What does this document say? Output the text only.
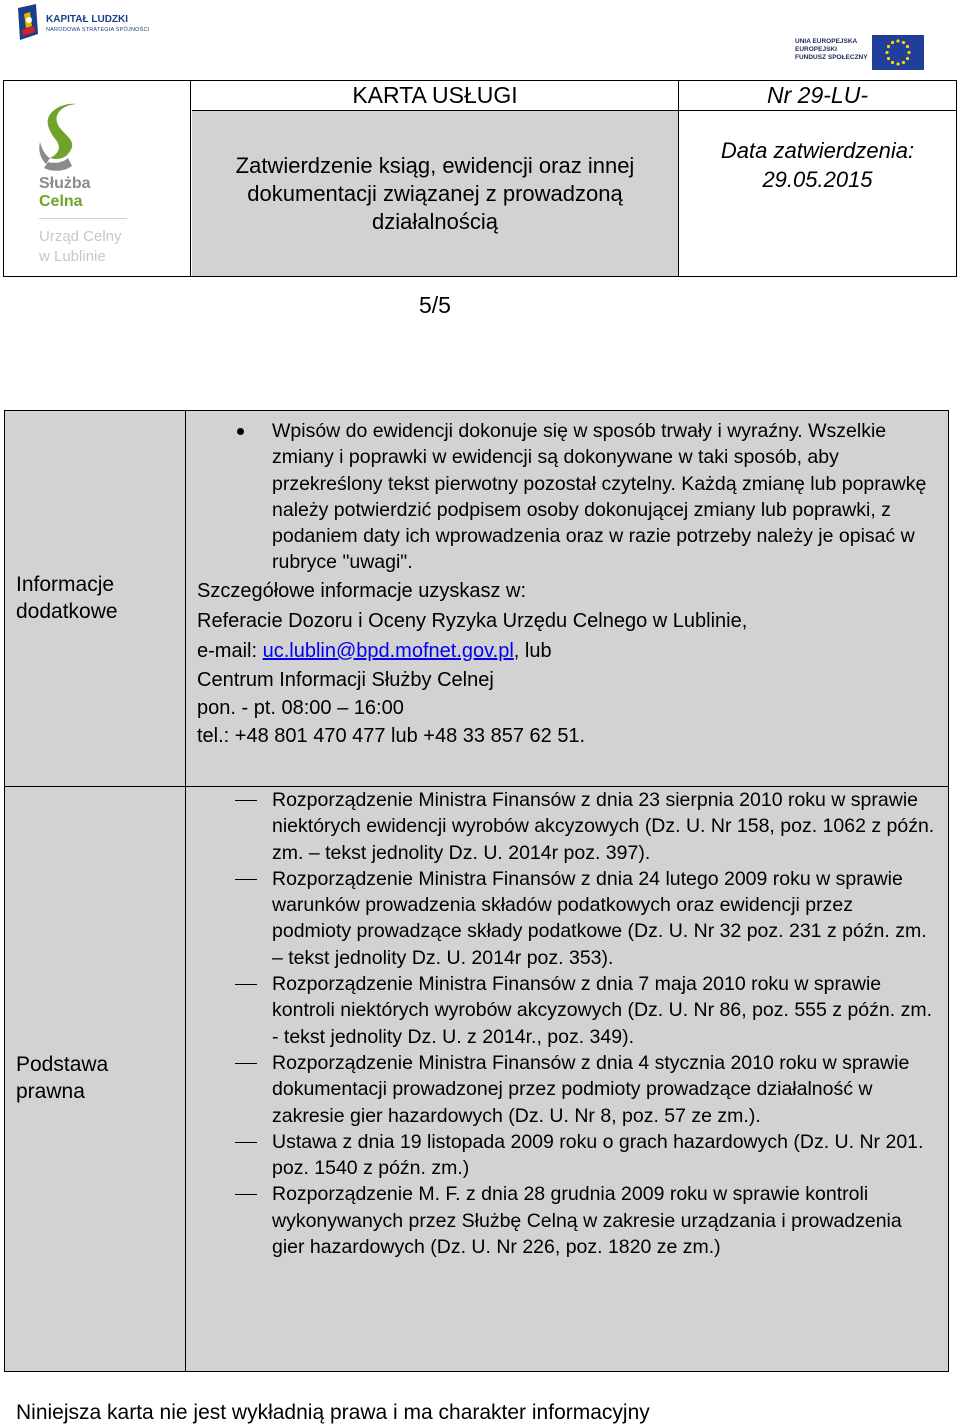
KAPITAŁ LUDZKI
NARODOWA STRATEGIA SPÓJNOŚCI
UNIA EUROPEJSKA
EUROPEJSKI
FUNDUSZ SPOŁECZNY
KARTA USŁUGI	Nr 29-LU-
Zatwierdzenie ksiąg, ewidencji oraz innej dokumentacji związanej z prowadzoną działalnością
Data zatwierdzenia:
29.05.2015
Służba
Celna
Urząd Celny
w Lublinie
5/5
Informacje
dodatkowe
Podstawa
prawna
Wpisów do ewidencji dokonuje się w sposób trwały i wyraźny. Wszelkie zmiany i poprawki w ewidencji są dokonywane w taki sposób, aby przekreślony tekst pierwotny pozostał czytelny. Każdą zmianę lub poprawkę należy potwierdzić podpisem osoby dokonującej zmiany lub poprawki, z podaniem daty ich wprowadzenia oraz w razie potrzeby należy je opisać w rubryce "uwagi".
Szczegółowe informacje uzyskasz w:
Referacie Dozoru i Oceny Ryzyka Urzędu Celnego w Lublinie,
e-mail: uc.lublin@bpd.mofnet.gov.pl, lub
Centrum Informacji Służby Celnej
pon. - pt. 08:00 – 16:00
tel.: +48 801 470 477 lub +48 33 857 62 51.
Rozporządzenie Ministra Finansów z dnia 23 sierpnia 2010 roku w sprawie niektórych ewidencji wyrobów akcyzowych (Dz. U. Nr 158, poz. 1062 z późn. zm. – tekst jednolity Dz. U. 2014r poz. 397).
Rozporządzenie Ministra Finansów z dnia 24 lutego 2009 roku w sprawie warunków prowadzenia składów podatkowych oraz ewidencji przez podmioty prowadzące składy podatkowe (Dz. U. Nr 32 poz. 231 z późn. zm. – tekst jednolity Dz. U. 2014r poz. 353).
Rozporządzenie Ministra Finansów z dnia 7 maja 2010 roku w sprawie kontroli niektórych wyrobów akcyzowych (Dz. U. Nr 86, poz. 555 z późn. zm. - tekst jednolity Dz. U. z 2014r., poz. 349).
Rozporządzenie Ministra Finansów z dnia 4 stycznia 2010 roku w sprawie dokumentacji prowadzonej przez podmioty prowadzące działalność w zakresie gier hazardowych (Dz. U. Nr 8, poz. 57 ze zm.).
Ustawa z dnia 19 listopada 2009 roku o grach hazardowych (Dz. U. Nr 201. poz. 1540 z późn. zm.)
Rozporządzenie M. F. z dnia 28 grudnia 2009 roku w sprawie kontroli wykonywanych przez Służbę Celną w zakresie urządzania i prowadzenia gier hazardowych (Dz. U. Nr 226, poz. 1820 ze zm.)
Niniejsza karta nie jest wykładnią prawa i ma charakter informacyjny
